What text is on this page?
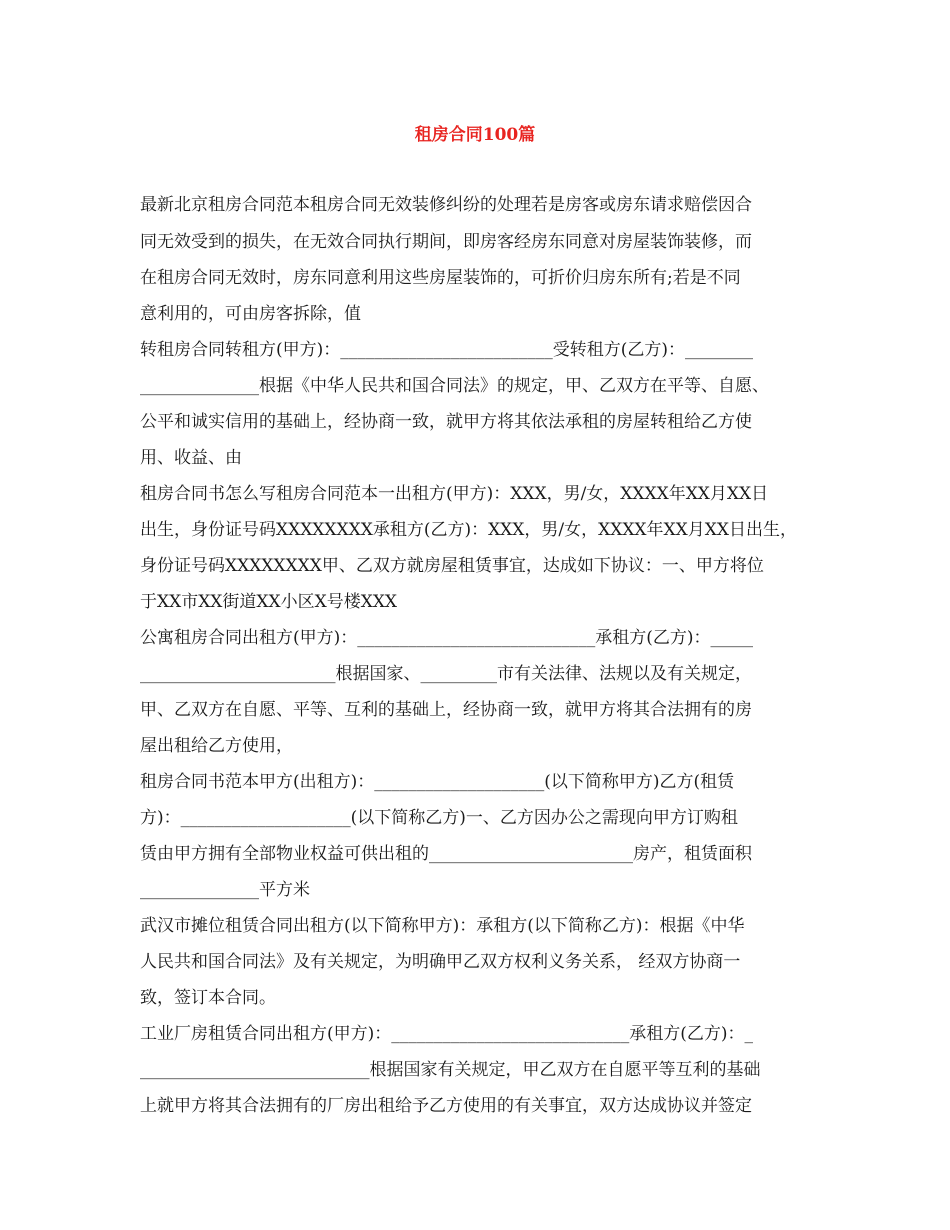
租房合同100篇
最新北京租房合同范本租房合同无效装修纠纷的处理若是房客或房东请求赔偿因合
同无效受到的损失，在无效合同执行期间，即房客经房东同意对房屋装饰装修，而
在租房合同无效时，房东同意利用这些房屋装饰的，可折价归房东所有;若是不同
意利用的，可由房客拆除，值
转租房合同转租方(甲方)：_________________________受转租方(乙方)：________
______________根据《中华人民共和国合同法》的规定，甲、乙双方在平等、自愿、
公平和诚实信用的基础上，经协商一致，就甲方将其依法承租的房屋转租给乙方使
用、收益、由
租房合同书怎么写租房合同范本一出租方(甲方)：XXX，男/女，XXXX年XX月XX日
出生，身份证号码XXXXXXXX承租方(乙方)：XXX，男/女，XXXX年XX月XX日出生，
身份证号码XXXXXXXX甲、乙双方就房屋租赁事宜，达成如下协议：一、甲方将位
于XX市XX街道XX小区X号楼XXX
公寓租房合同出租方(甲方)：____________________________承租方(乙方)：_____
_______________________根据国家、_________市有关法律、法规以及有关规定，
甲、乙双方在自愿、平等、互利的基础上，经协商一致，就甲方将其合法拥有的房
屋出租给乙方使用，
租房合同书范本甲方(出租方)：____________________(以下简称甲方)乙方(租赁
方)：____________________(以下简称乙方)一、乙方因办公之需现向甲方订购租
赁由甲方拥有全部物业权益可供出租的________________________房产，租赁面积
______________平方米
武汉市摊位租赁合同出租方(以下简称甲方)：承租方(以下简称乙方)：根据《中华
人民共和国合同法》及有关规定，为明确甲乙双方权利义务关系， 经双方协商一
致，签订本合同。
工业厂房租赁合同出租方(甲方)：____________________________承租方(乙方)：_
___________________________根据国家有关规定，甲乙双方在自愿平等互利的基础
上就甲方将其合法拥有的厂房出租给予乙方使用的有关事宜，双方达成协议并签定
